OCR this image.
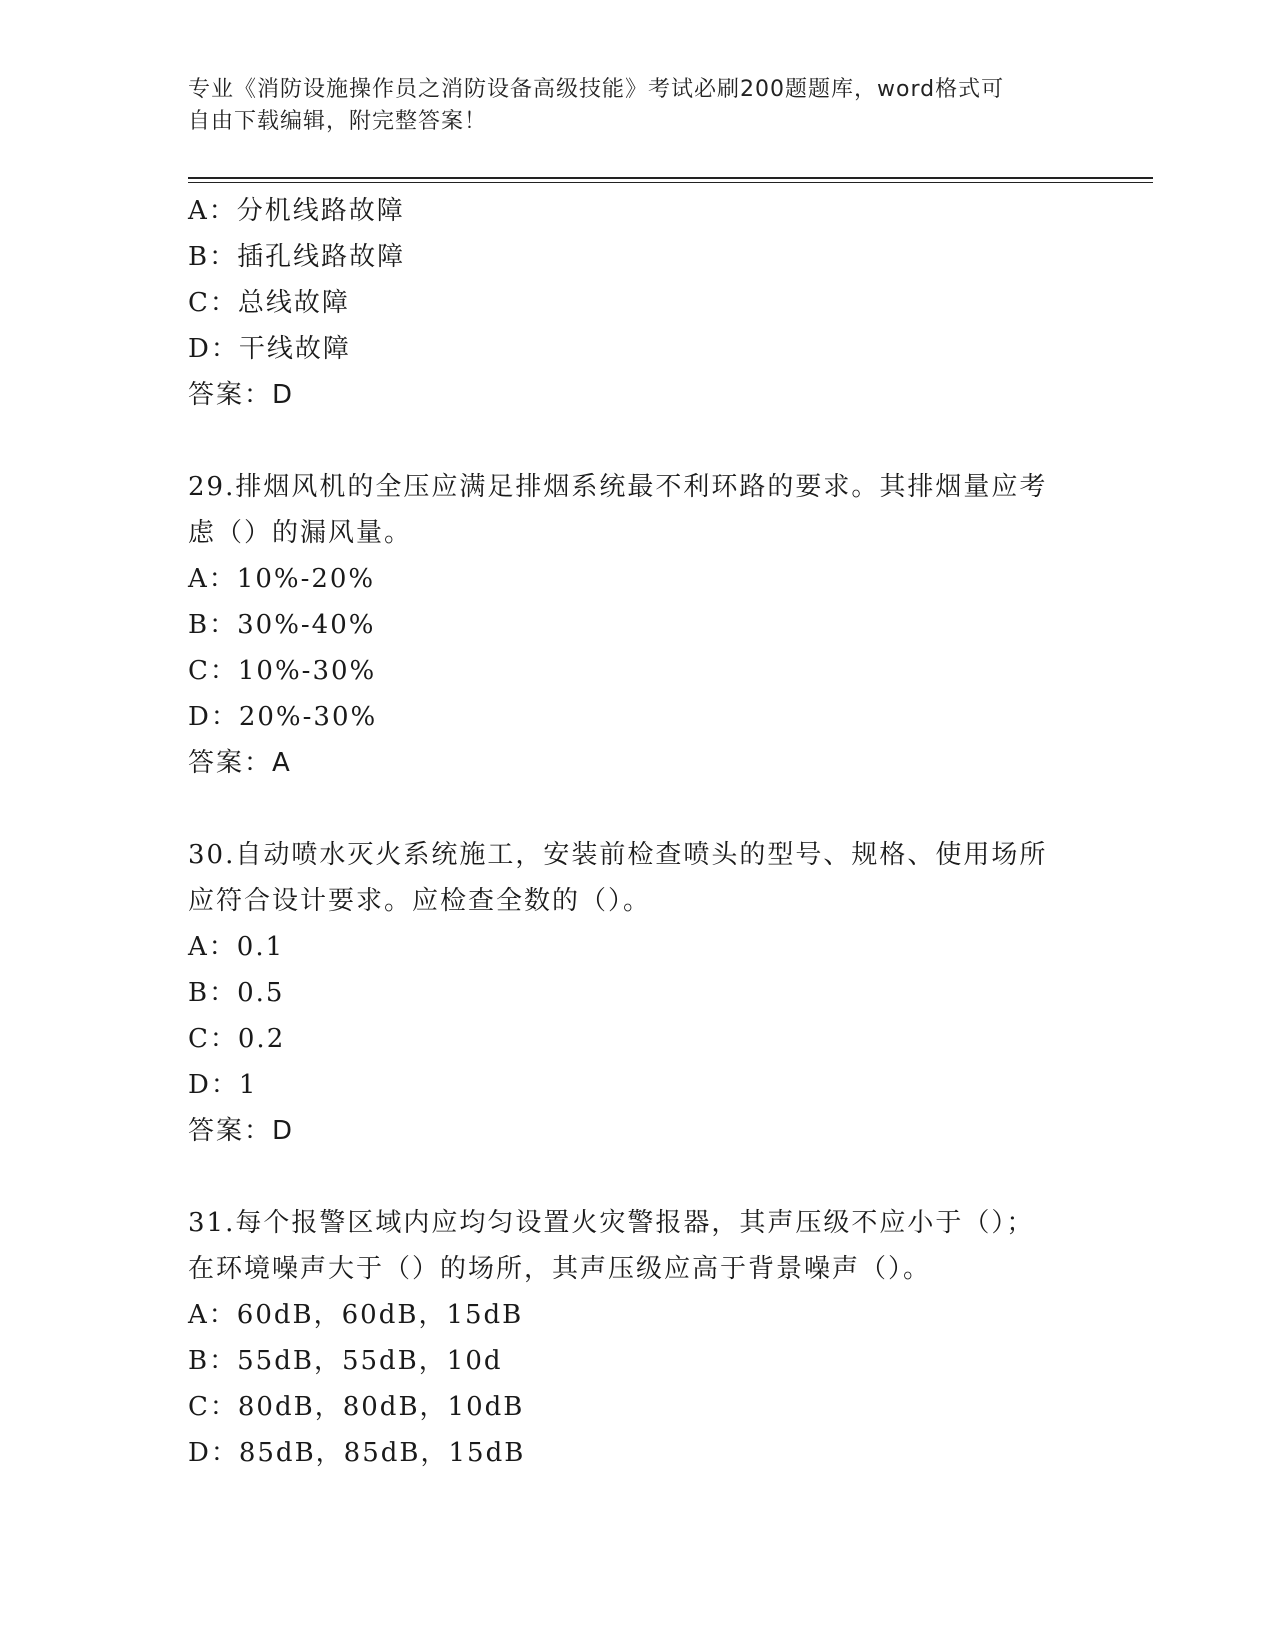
专业《消防设施操作员之消防设备高级技能》考试必刷200题题库，word格式可
自由下载编辑，附完整答案！
A：分机线路故障
B：插孔线路故障
C：总线故障
D：干线故障
答案：D
29.排烟风机的全压应满足排烟系统最不利环路的要求。其排烟量应考
虑（）的漏风量。
A：10%-20%
B：30%-40%
C：10%-30%
D：20%-30%
答案：A
30.自动喷水灭火系统施工，安装前检查喷头的型号、规格、使用场所
应符合设计要求。应检查全数的（）。
A：0.1
B：0.5
C：0.2
D：1
答案：D
31.每个报警区域内应均匀设置火灾警报器，其声压级不应小于（）；
在环境噪声大于（）的场所，其声压级应高于背景噪声（）。
A：60dB，60dB，15dB
B：55dB，55dB，10d
C：80dB，80dB，10dB
D：85dB，85dB，15dB
